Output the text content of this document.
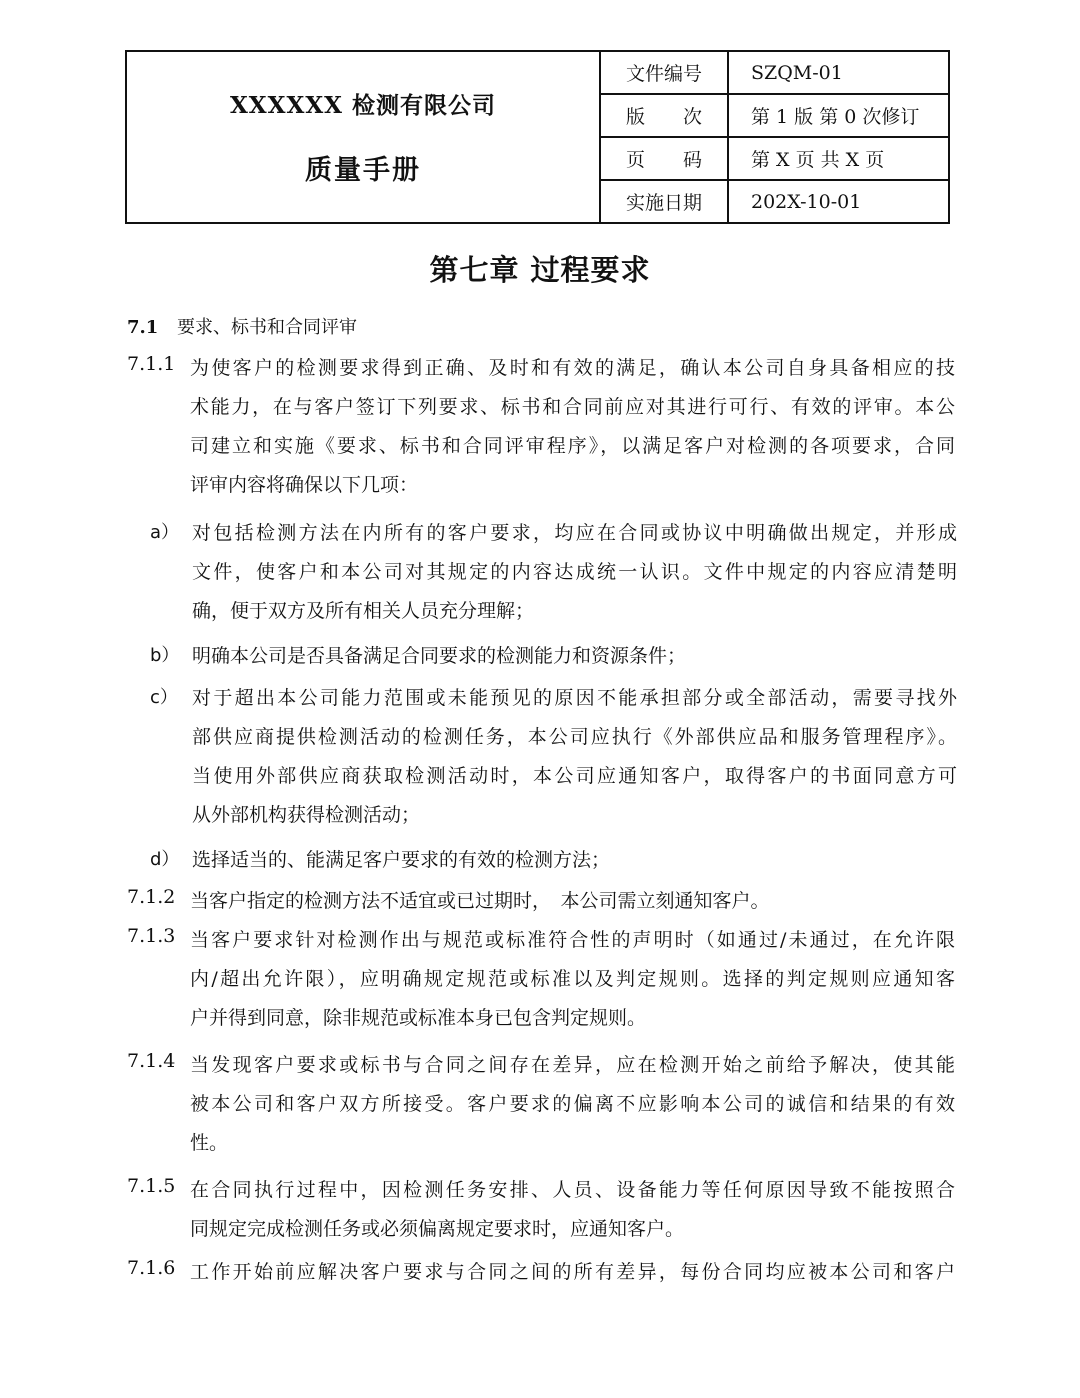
XXXXXX 检测有限公司
质量手册	文件编号	SZQM-01
	版　　次	第 1 版 第 0 次修订
	页　　码	第 X 页 共 X 页
	实施日期	202X-10-01
第七章 过程要求
7.1 要求、标书和合同评审
7.1.1 为使客户的检测要求得到正确、及时和有效的满足，确认本公司自身具备相应的技
术能力，在与客户签订下列要求、标书和合同前应对其进行可行、有效的评审。本公
司建立和实施《要求、标书和合同评审程序》，以满足客户对检测的各项要求，合同
评审内容将确保以下几项：
a） 对包括检测方法在内所有的客户要求，均应在合同或协议中明确做出规定，并形成
文件，使客户和本公司对其规定的内容达成统一认识。文件中规定的内容应清楚明
确，便于双方及所有相关人员充分理解；
b） 明确本公司是否具备满足合同要求的检测能力和资源条件；
c） 对于超出本公司能力范围或未能预见的原因不能承担部分或全部活动，需要寻找外
部供应商提供检测活动的检测任务，本公司应执行《外部供应品和服务管理程序》。
当使用外部供应商获取检测活动时，本公司应通知客户，取得客户的书面同意方可
从外部机构获得检测活动；
d） 选择适当的、能满足客户要求的有效的检测方法；
7.1.2 当客户指定的检测方法不适宜或已过期时，　本公司需立刻通知客户。
7.1.3 当客户要求针对检测作出与规范或标准符合性的声明时（如通过/未通过，在允许限
内/超出允许限），应明确规定规范或标准以及判定规则。选择的判定规则应通知客
户并得到同意，除非规范或标准本身已包含判定规则。
7.1.4 当发现客户要求或标书与合同之间存在差异，应在检测开始之前给予解决，使其能
被本公司和客户双方所接受。客户要求的偏离不应影响本公司的诚信和结果的有效
性。
7.1.5 在合同执行过程中，因检测任务安排、人员、设备能力等任何原因导致不能按照合
同规定完成检测任务或必须偏离规定要求时，应通知客户。
7.1.6 工作开始前应解决客户要求与合同之间的所有差异，每份合同均应被本公司和客户
